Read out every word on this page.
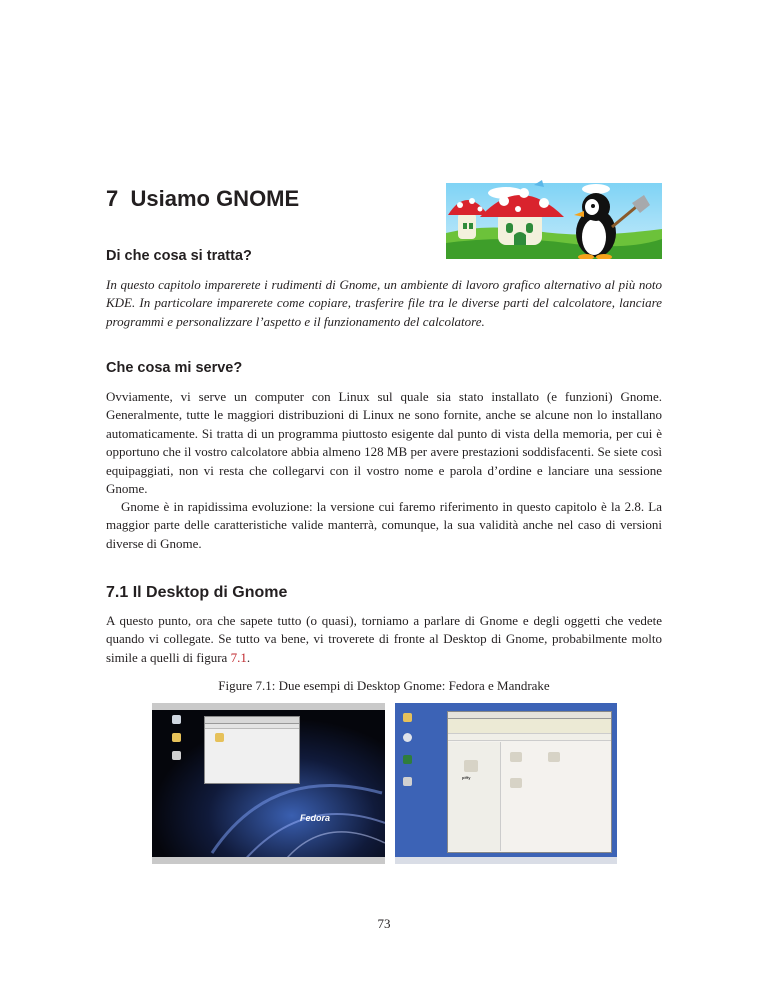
7 Usiamo GNOME
Di che cosa si tratta?

In questo capitolo imparerete i rudimenti di Gnome, un ambiente di lavoro grafico alternativo al più noto KDE. In particolare imparerete come copiare, trasferire file tra le diverse parti del calcolatore, lanciare programmi e personalizzare l’aspetto e il funzionamento del calcolatore.

Che cosa mi serve?

Ovviamente, vi serve un computer con Linux sul quale sia stato installato (e funzioni) Gnome. Generalmente, tutte le maggiori distribuzioni di Linux ne sono fornite, anche se alcune non lo installano automaticamente. Si tratta di un programma piuttosto esigente dal punto di vista della memoria, per cui è opportuno che il vostro calcolatore abbia almeno 128 MB per avere prestazioni soddisfacenti. Se siete così equipaggiati, non vi resta che collegarvi con il vostro nome e parola d’ordine e lanciare una sessione Gnome.

Gnome è in rapidissima evoluzione: la versione cui faremo riferimento in questo capitolo è la 2.8. La maggior parte delle caratteristiche valide manterrà, comunque, la sua validità anche nel caso di versioni diverse di Gnome.

7.1 Il Desktop di Gnome

A questo punto, ora che sapete tutto (o quasi), torniamo a parlare di Gnome e degli oggetti che vedete quando vi collegate. Se tutto va bene, vi troverete di fronte al Desktop di Gnome, probabilmente molto simile a quelli di figura 7.1.

Figure 7.1: Due esempi di Desktop Gnome: Fedora e Mandrake
Fedora
piffy
73
